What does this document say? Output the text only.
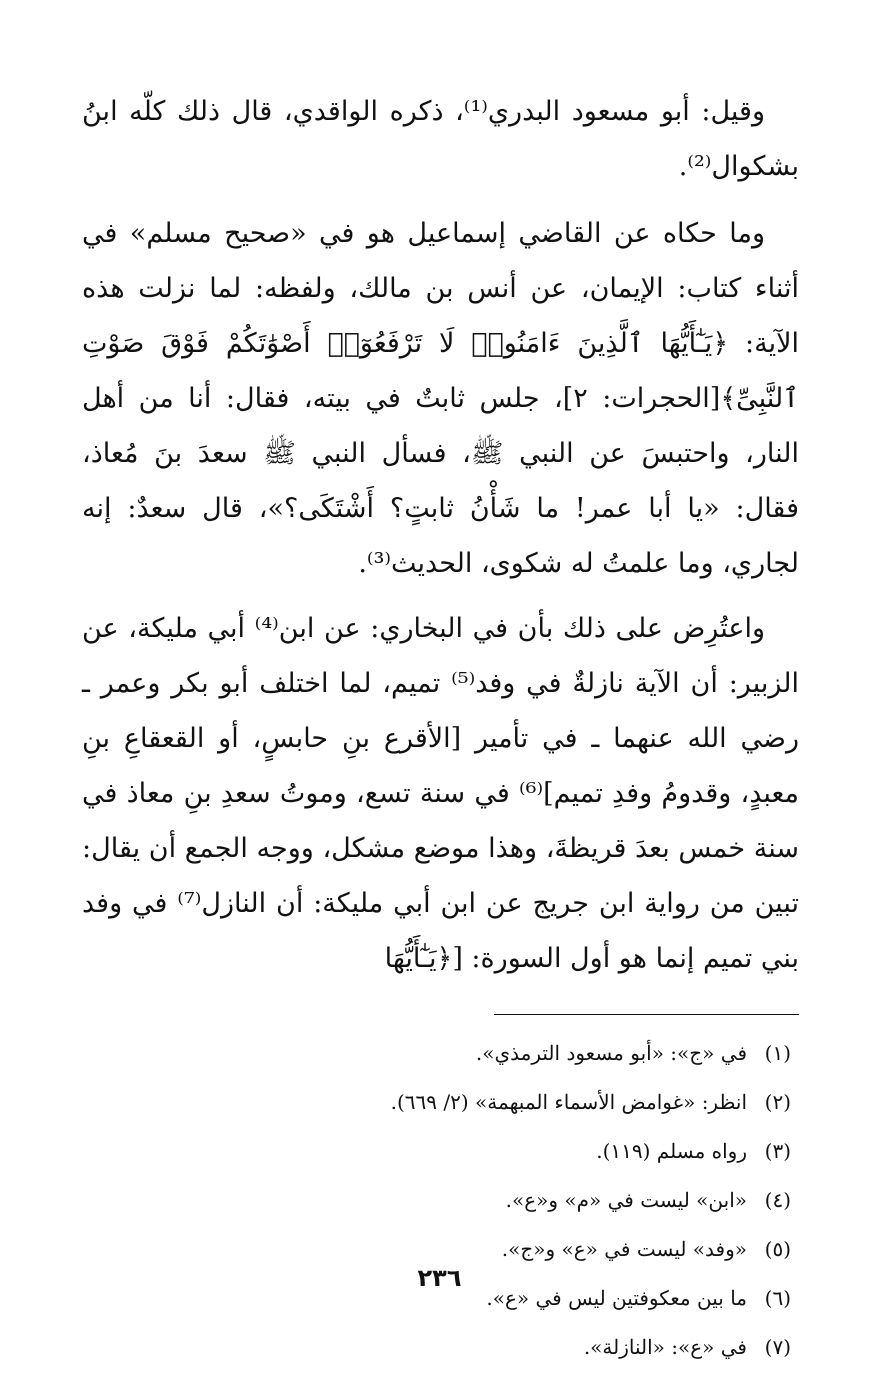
وقيل: أبو مسعود البدري⁽¹⁾، ذكره الواقدي، قال ذلك كلّه ابنُ بشكوال⁽²⁾.

وما حكاه عن القاضي إسماعيل هو في «صحيح مسلم» في أثناء كتاب: الإيمان، عن أنس بن مالك، ولفظه: لما نزلت هذه الآية: ﴿يَـٰٓأَيُّهَا ٱلَّذِينَ ءَامَنُوا۟ لَا تَرْفَعُوٓا۟ أَصْوَٰتَكُمْ فَوْقَ صَوْتِ ٱلنَّبِىِّ﴾[الحجرات: ٢]، جلس ثابتٌ في بيته، فقال: أنا من أهل النار، واحتبسَ عن النبي ﷺ، فسأل النبي ﷺ سعدَ بنَ مُعاذ، فقال: «يا أبا عمر! ما شَأْنُ ثابتٍ؟ أَشْتَكَى؟»، قال سعدٌ: إنه لجاري، وما علمتُ له شكوى، الحديث⁽³⁾.

واعتُرِض على ذلك بأن في البخاري: عن ابن⁽⁴⁾ أبي مليكة، عن الزبير: أن الآية نازلةٌ في وفد⁽⁵⁾ تميم، لما اختلف أبو بكر وعمر ـ رضي الله عنهما ـ في تأمير [الأقرع بنِ حابسٍ، أو القعقاعِ بنِ معبدٍ، وقدومُ وفدِ تميم]⁽⁶⁾ في سنة تسع، وموتُ سعدِ بنِ معاذ في سنة خمس بعدَ قريظةَ، وهذا موضع مشكل، ووجه الجمع أن يقال: تبين من رواية ابن جريج عن ابن أبي مليكة: أن النازل⁽⁷⁾ في وفد بني تميم إنما هو أول السورة: [﴿يَـٰٓأَيُّهَا

(١)في «ج»: «أبو مسعود الترمذي».
(٢)انظر: «غوامض الأسماء المبهمة» (٢/ ٦٦٩).
(٣)رواه مسلم (١١٩).
(٤)«ابن» ليست في «م» و«ع».
(٥)«وفد» ليست في «ع» و«ج».
(٦)ما بين معكوفتين ليس في «ع».
(٧)في «ع»: «النازلة».
٢٣٦
